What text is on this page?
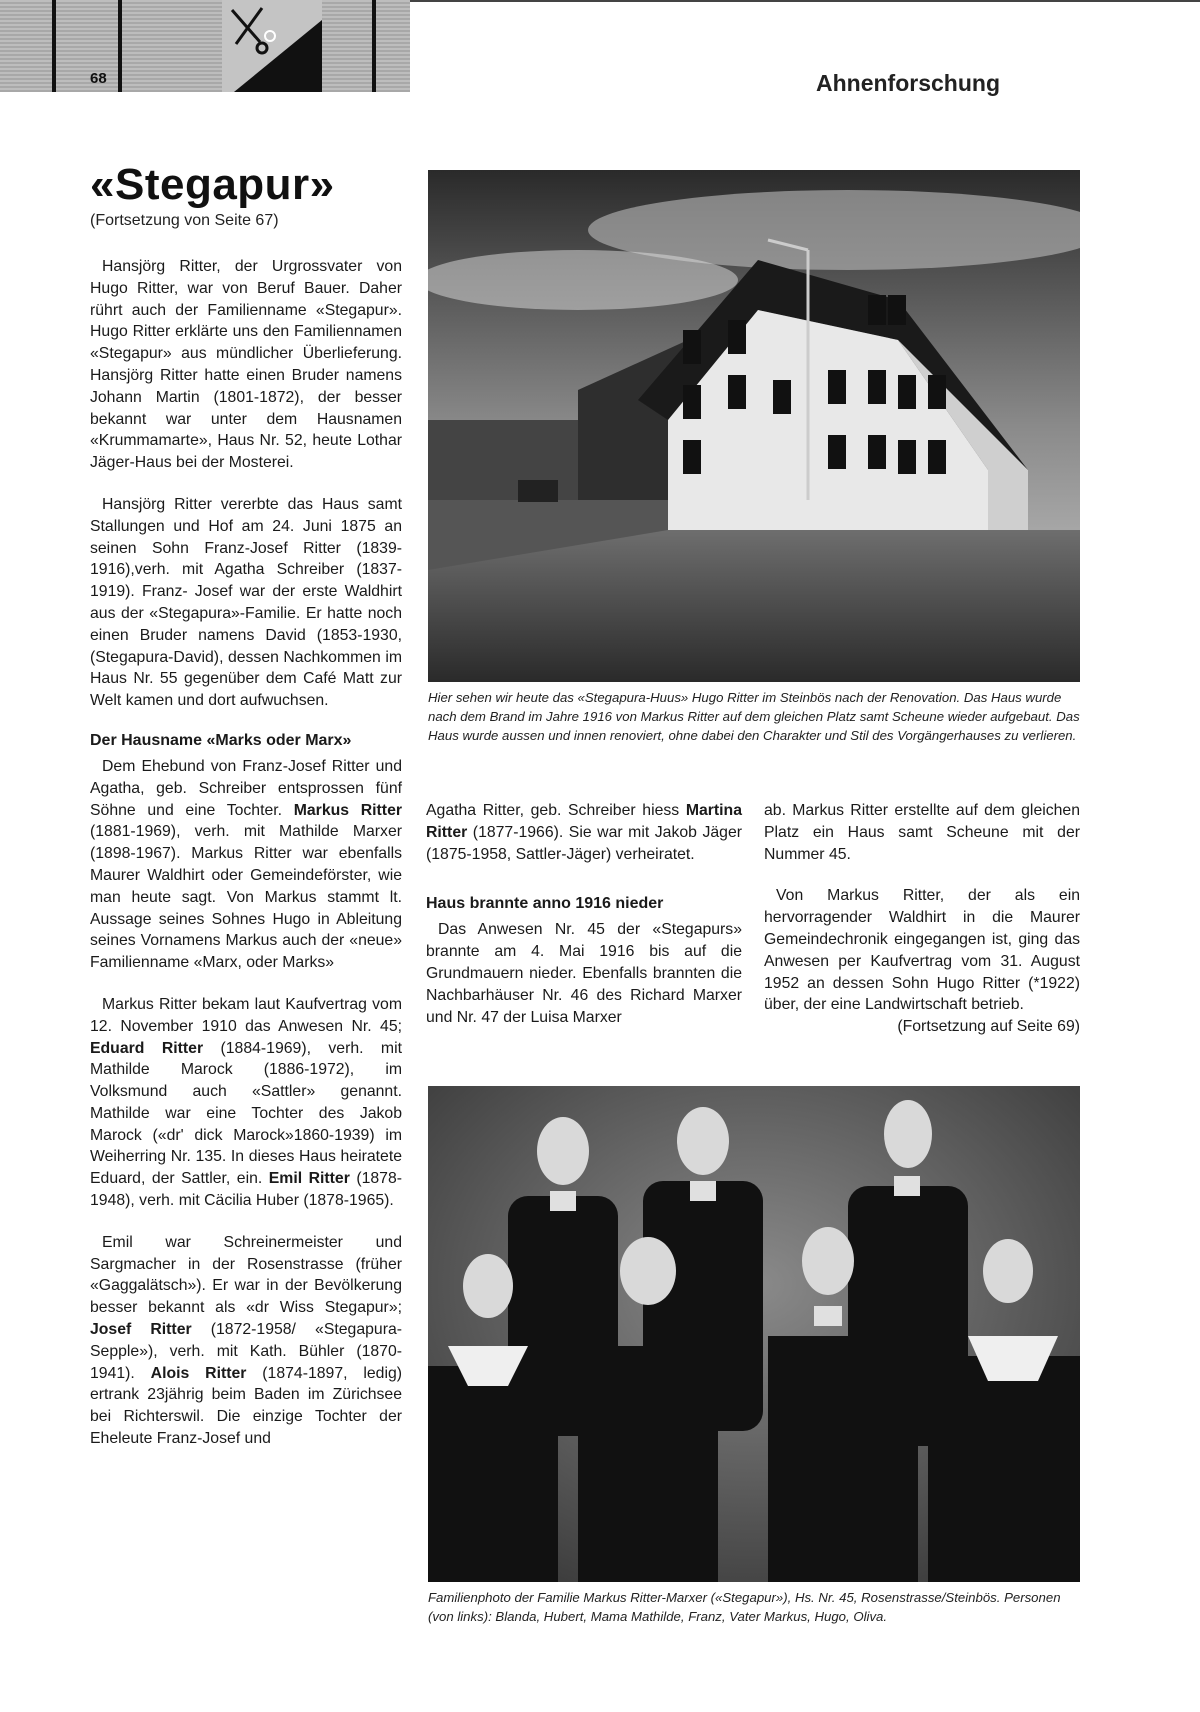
68	Ahnenforschung
«Stegapur»
(Fortsetzung von Seite 67)

Hansjörg Ritter, der Urgrossvater von Hugo Ritter, war von Beruf Bauer. Daher rührt auch der Familienname «Stegapur». Hugo Ritter erklärte uns den Familiennamen «Stegapur» aus mündlicher Überlieferung. Hansjörg Ritter hatte einen Bruder namens Johann Martin (1801-1872), der besser bekannt war unter dem Hausnamen «Krummamarte», Haus Nr. 52, heute Lothar Jäger-Haus bei der Mosterei.

Hansjörg Ritter vererbte das Haus samt Stallungen und Hof am 24. Juni 1875 an seinen Sohn Franz-Josef Ritter (1839-1916),verh. mit Agatha Schreiber (1837-1919). Franz- Josef war der erste Waldhirt aus der «Stegapura»-Familie. Er hatte noch einen Bruder namens David (1853-1930, (Stegapura-David), dessen Nachkommen im Haus Nr. 55 gegenüber dem Café Matt zur Welt kamen und dort aufwuchsen.

Der Hausname «Marks oder Marx»

Dem Ehebund von Franz-Josef Ritter und Agatha, geb. Schreiber entsprossen fünf Söhne und eine Tochter. Markus Ritter (1881-1969), verh. mit Mathilde Marxer (1898-1967). Markus Ritter war ebenfalls Maurer Waldhirt oder Gemeindeförster, wie man heute sagt. Von Markus stammt lt. Aussage seines Sohnes Hugo in Ableitung seines Vornamens Markus auch der «neue» Familienname «Marx, oder Marks»

Markus Ritter bekam laut Kaufvertrag vom 12. November 1910 das Anwesen Nr. 45; Eduard Ritter (1884-1969), verh. mit Mathilde Marock (1886-1972), im Volksmund auch «Sattler» genannt. Mathilde war eine Tochter des Jakob Marock («dr' dick Marock»1860-1939) im Weiherring Nr. 135. In dieses Haus heiratete Eduard, der Sattler, ein. Emil Ritter (1878-1948), verh. mit Cäcilia Huber (1878-1965).

Emil war Schreinermeister und Sargmacher in der Rosenstrasse (früher «Gaggalätsch»). Er war in der Bevölkerung besser bekannt als «dr Wiss Stegapur»; Josef Ritter (1872-1958/ «Stegapura-Sepple»), verh. mit Kath. Bühler (1870-1941). Alois Ritter (1874-1897, ledig) ertrank 23jährig beim Baden im Zürichsee bei Richterswil. Die einzige Tochter der Eheleute Franz-Josef und

Hier sehen wir heute das «Stegapura-Huus» Hugo Ritter im Steinbös nach der Renovation. Das Haus wurde nach dem Brand im Jahre 1916 von Markus Ritter auf dem gleichen Platz samt Scheune wieder aufgebaut. Das Haus wurde aussen und innen renoviert, ohne dabei den Charakter und Stil des Vorgängerhauses zu verlieren.

Agatha Ritter, geb. Schreiber hiess Martina Ritter (1877-1966). Sie war mit Jakob Jäger (1875-1958, Sattler-Jäger) verheiratet.

Haus brannte anno 1916 nieder

Das Anwesen Nr. 45 der «Stegapurs» brannte am 4. Mai 1916 bis auf die Grundmauern nieder. Ebenfalls brannten die Nachbarhäuser Nr. 46 des Richard Marxer und Nr. 47 der Luisa Marxer

ab. Markus Ritter erstellte auf dem gleichen Platz ein Haus samt Scheune mit der Nummer 45.

Von Markus Ritter, der als ein hervorragender Waldhirt in die Maurer Gemeindechronik eingegangen ist, ging das Anwesen per Kaufvertrag vom 31. August 1952 an dessen Sohn Hugo Ritter (*1922) über, der eine Landwirtschaft betrieb.

(Fortsetzung auf Seite 69)

Familienphoto der Familie Markus Ritter-Marxer («Stegapur»), Hs. Nr. 45, Rosenstrasse/Steinbös. Personen (von links): Blanda, Hubert, Mama Mathilde, Franz, Vater Markus, Hugo, Oliva.
